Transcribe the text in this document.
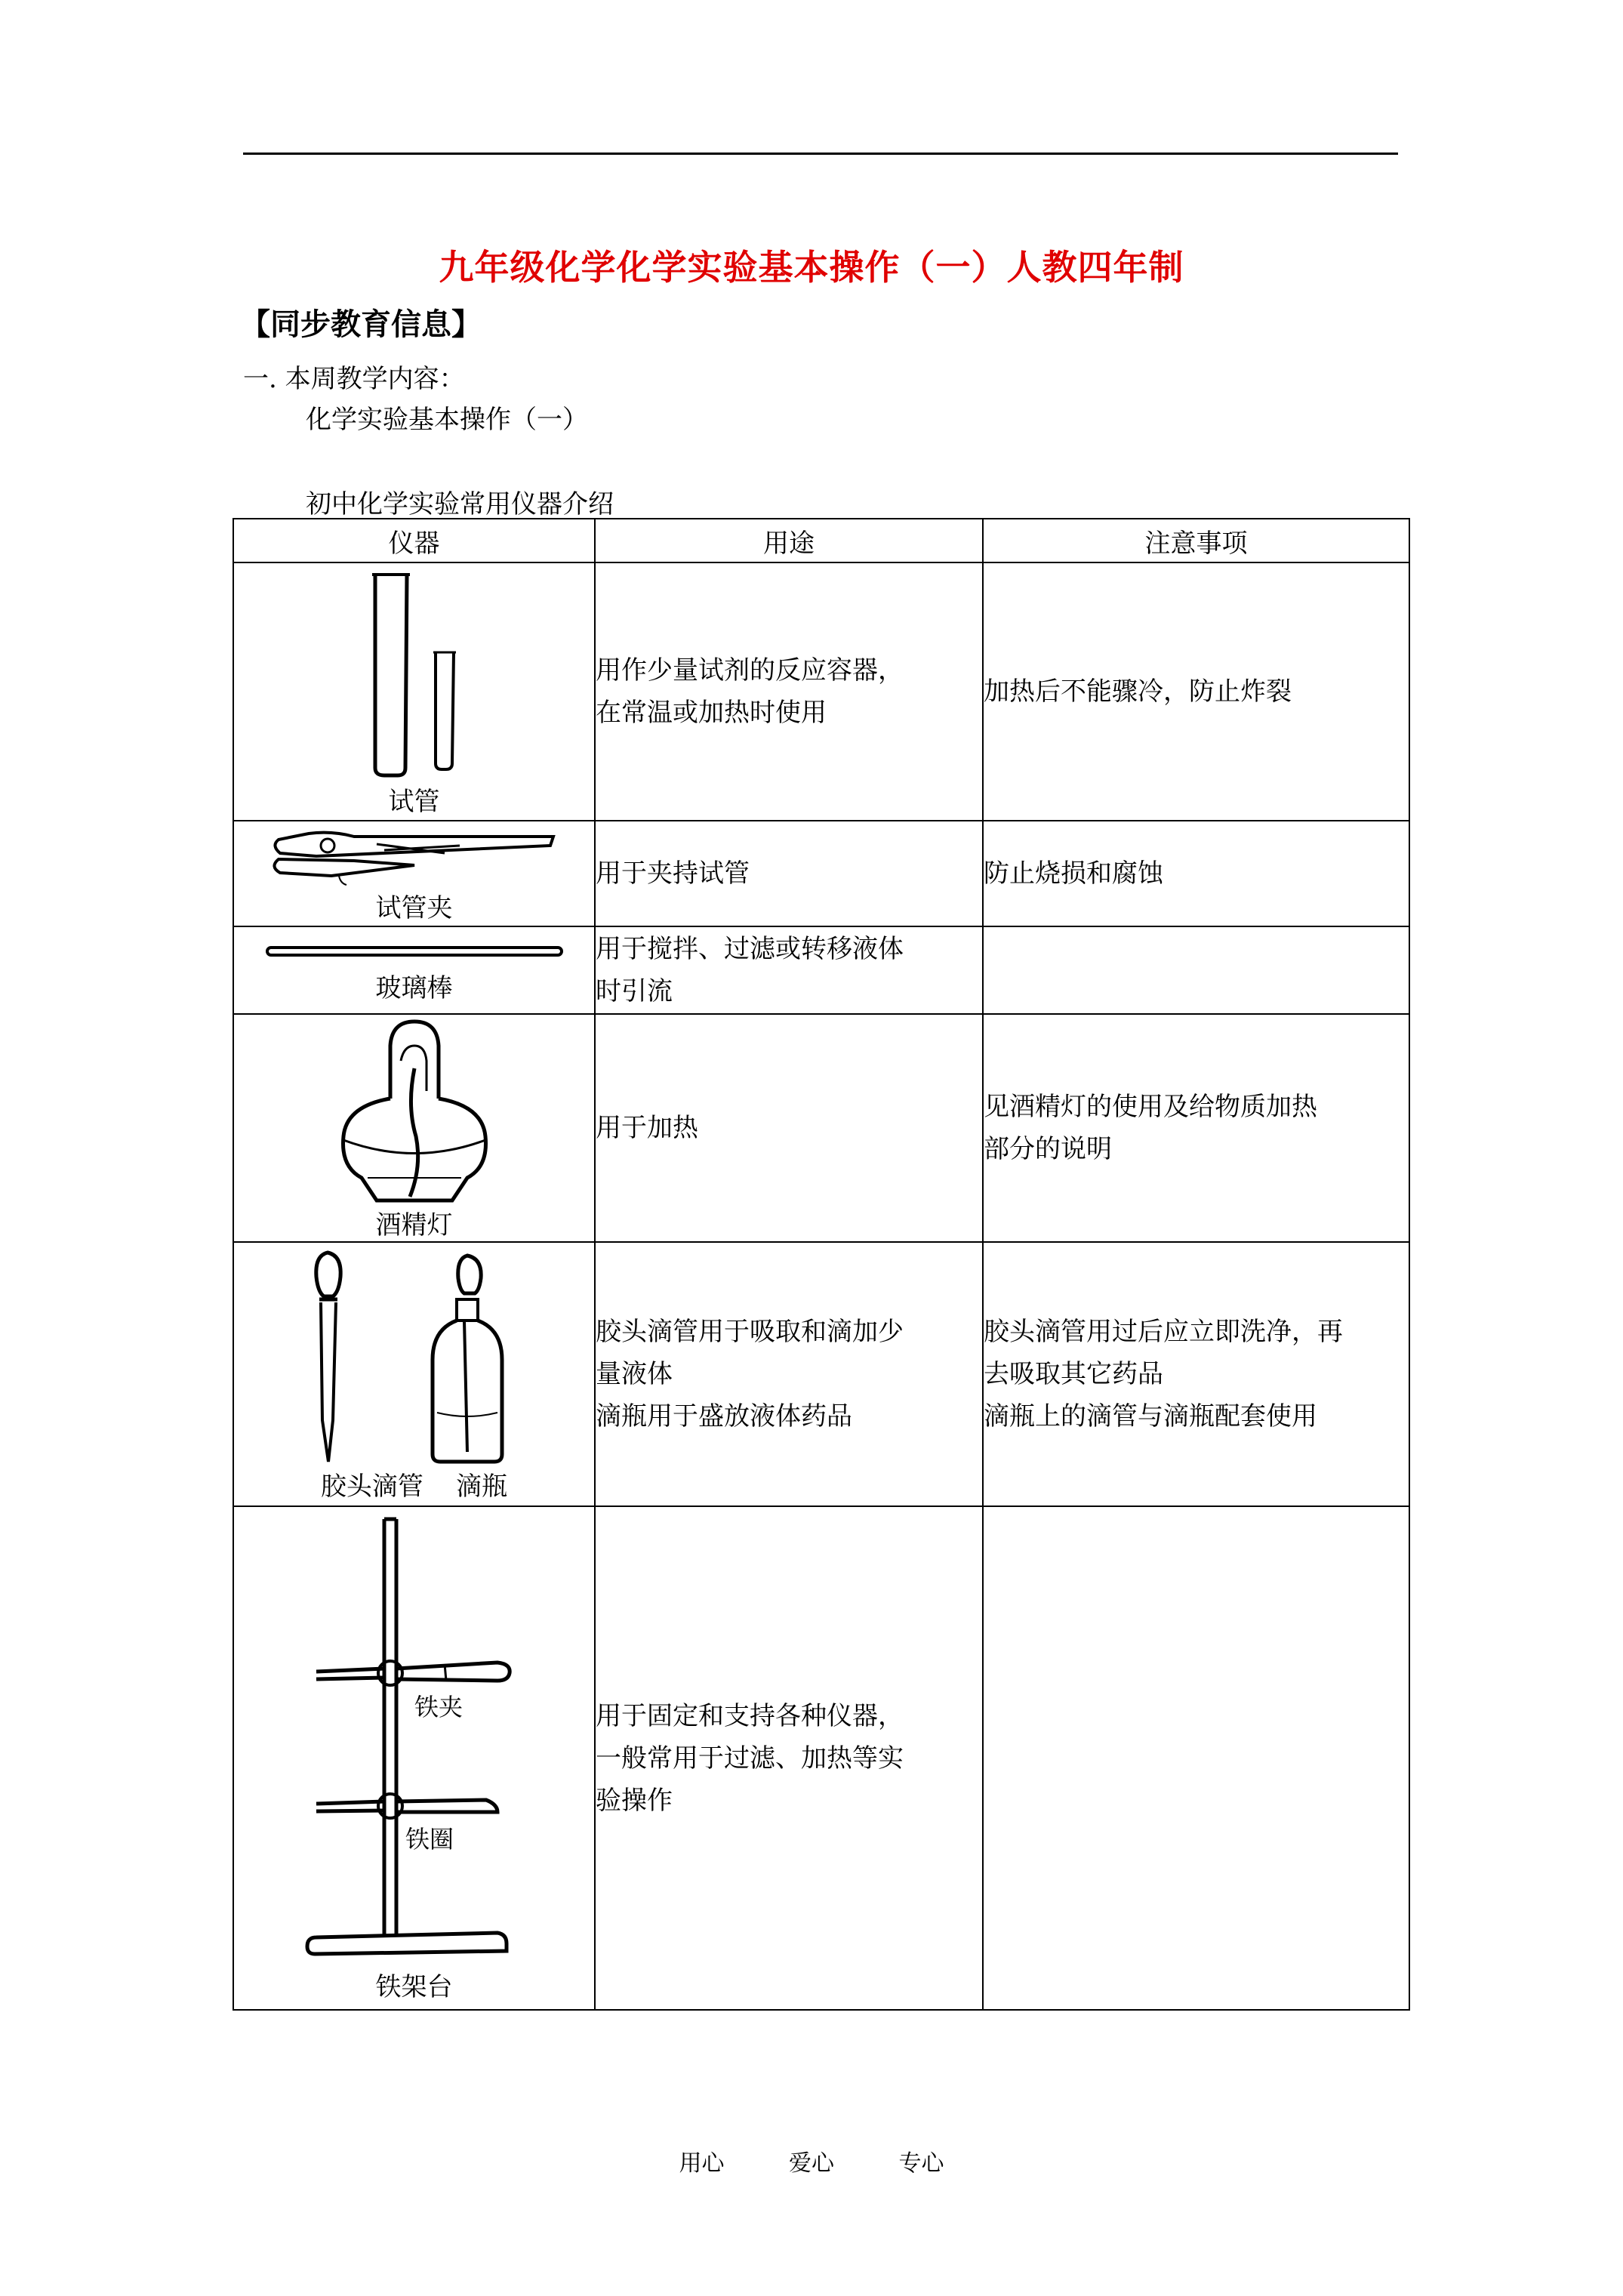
九年级化学化学实验基本操作（一）人教四年制
【同步教育信息】
一. 本周教学内容：
化学实验基本操作（一）
初中化学实验常用仪器介绍
仪器	用途	注意事项

试管	用作少量试剂的反应容器，
在常温或加热时使用	加热后不能骤冷，防止炸裂

试管夹	用于夹持试管	防止烧损和腐蚀

玻璃棒	用于搅拌、过滤或转移液体
时引流	

酒精灯	用于加热	见酒精灯的使用及给物质加热
部分的说明

胶头滴管    滴瓶	胶头滴管用于吸取和滴加少
量液体
滴瓶用于盛放液体药品	胶头滴管用过后应立即洗净，再
去吸取其它药品
滴瓶上的滴管与滴瓶配套使用

铁夹
铁圈
铁架台	用于固定和支持各种仪器，
一般常用于过滤、加热等实
验操作	

用心	爱心	专心
